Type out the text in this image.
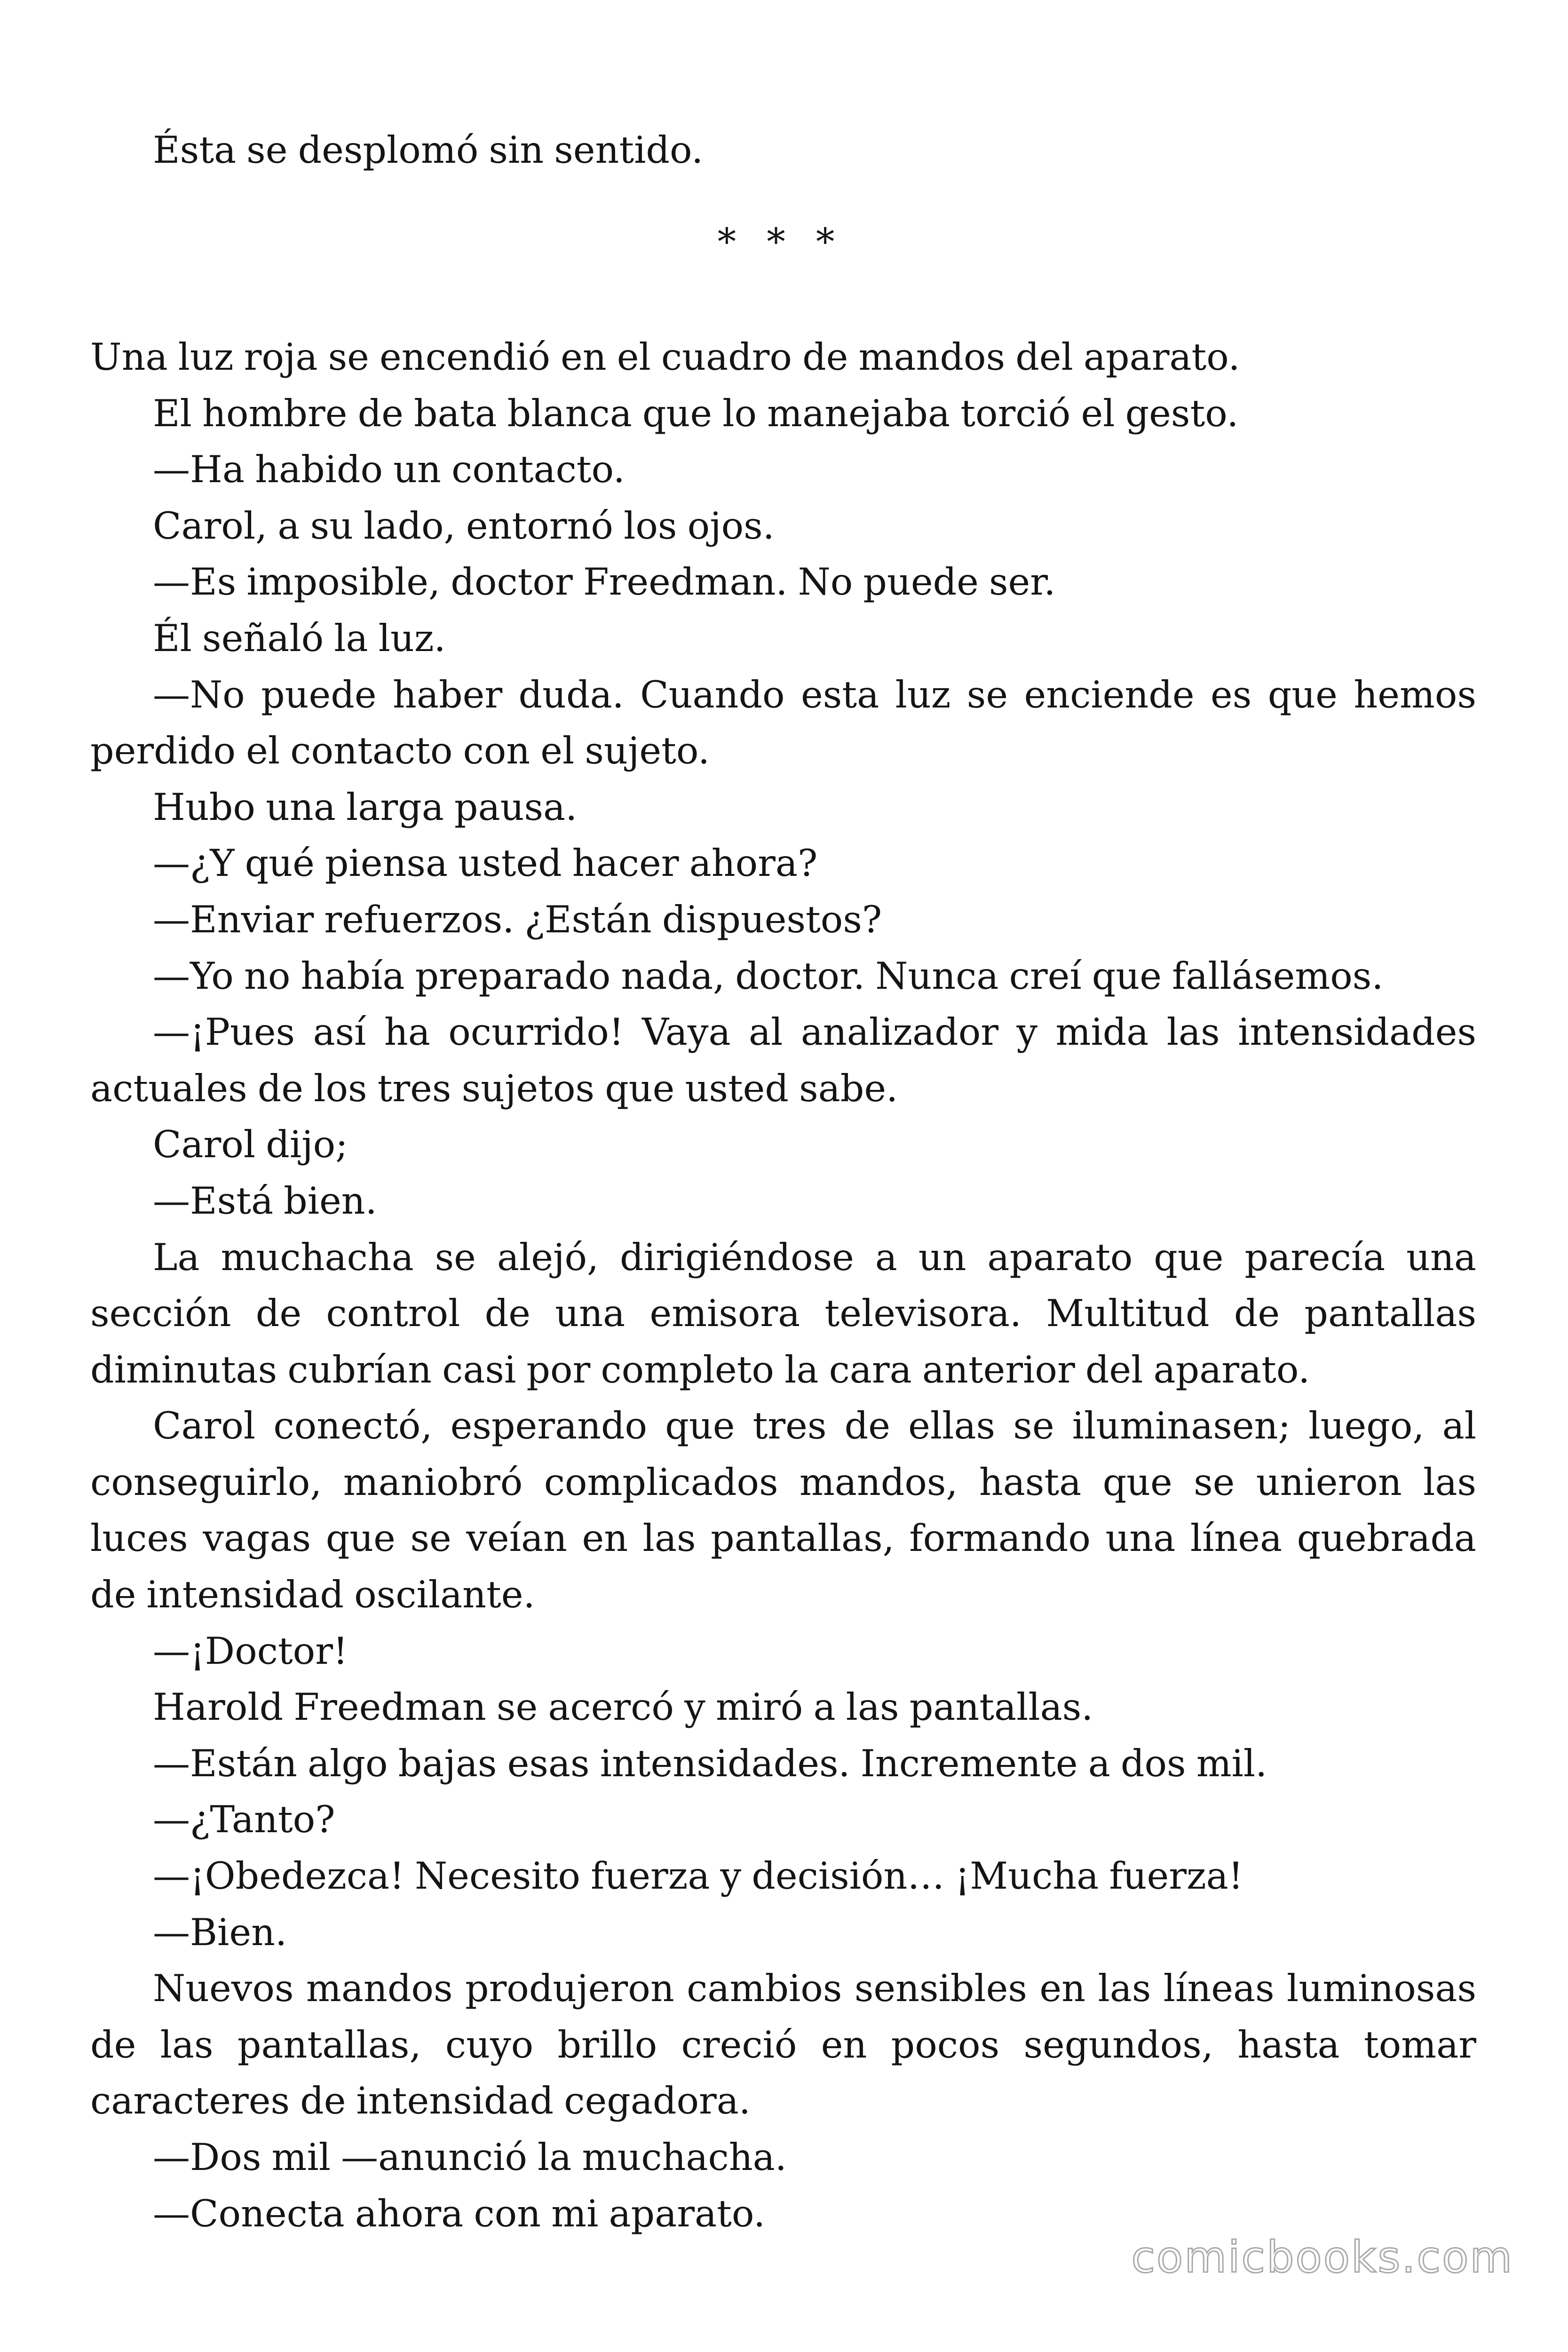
Ésta se desplomó sin sentido.

* * *

Una luz roja se encendió en el cuadro de mandos del aparato.

El hombre de bata blanca que lo manejaba torció el gesto.

—Ha habido un contacto.

Carol, a su lado, entornó los ojos.

—Es imposible, doctor Freedman. No puede ser.

Él señaló la luz.

—No puede haber duda. Cuando esta luz se enciende es que hemos perdido el contacto con el sujeto.

Hubo una larga pausa.

—¿Y qué piensa usted hacer ahora?

—Enviar refuerzos. ¿Están dispuestos?

—Yo no había preparado nada, doctor. Nunca creí que fallásemos.

—¡Pues así ha ocurrido! Vaya al analizador y mida las intensidades actuales de los tres sujetos que usted sabe.

Carol dijo;

—Está bien.

La muchacha se alejó, dirigiéndose a un aparato que parecía una sección de control de una emisora televisora. Multitud de pantallas diminutas cubrían casi por completo la cara anterior del aparato.

Carol conectó, esperando que tres de ellas se iluminasen; luego, al conseguirlo, maniobró complicados mandos, hasta que se unieron las luces vagas que se veían en las pantallas, formando una línea quebrada de intensidad oscilante.

—¡Doctor!

Harold Freedman se acercó y miró a las pantallas.

—Están algo bajas esas intensidades. Incremente a dos mil.

—¿Tanto?

—¡Obedezca! Necesito fuerza y decisión… ¡Mucha fuerza!

—Bien.

Nuevos mandos produjeron cambios sensibles en las líneas luminosas de las pantallas, cuyo brillo creció en pocos segundos, hasta tomar caracteres de intensidad cegadora.

—Dos mil —anunció la muchacha.

—Conecta ahora con mi aparato.

comicbooks.com
